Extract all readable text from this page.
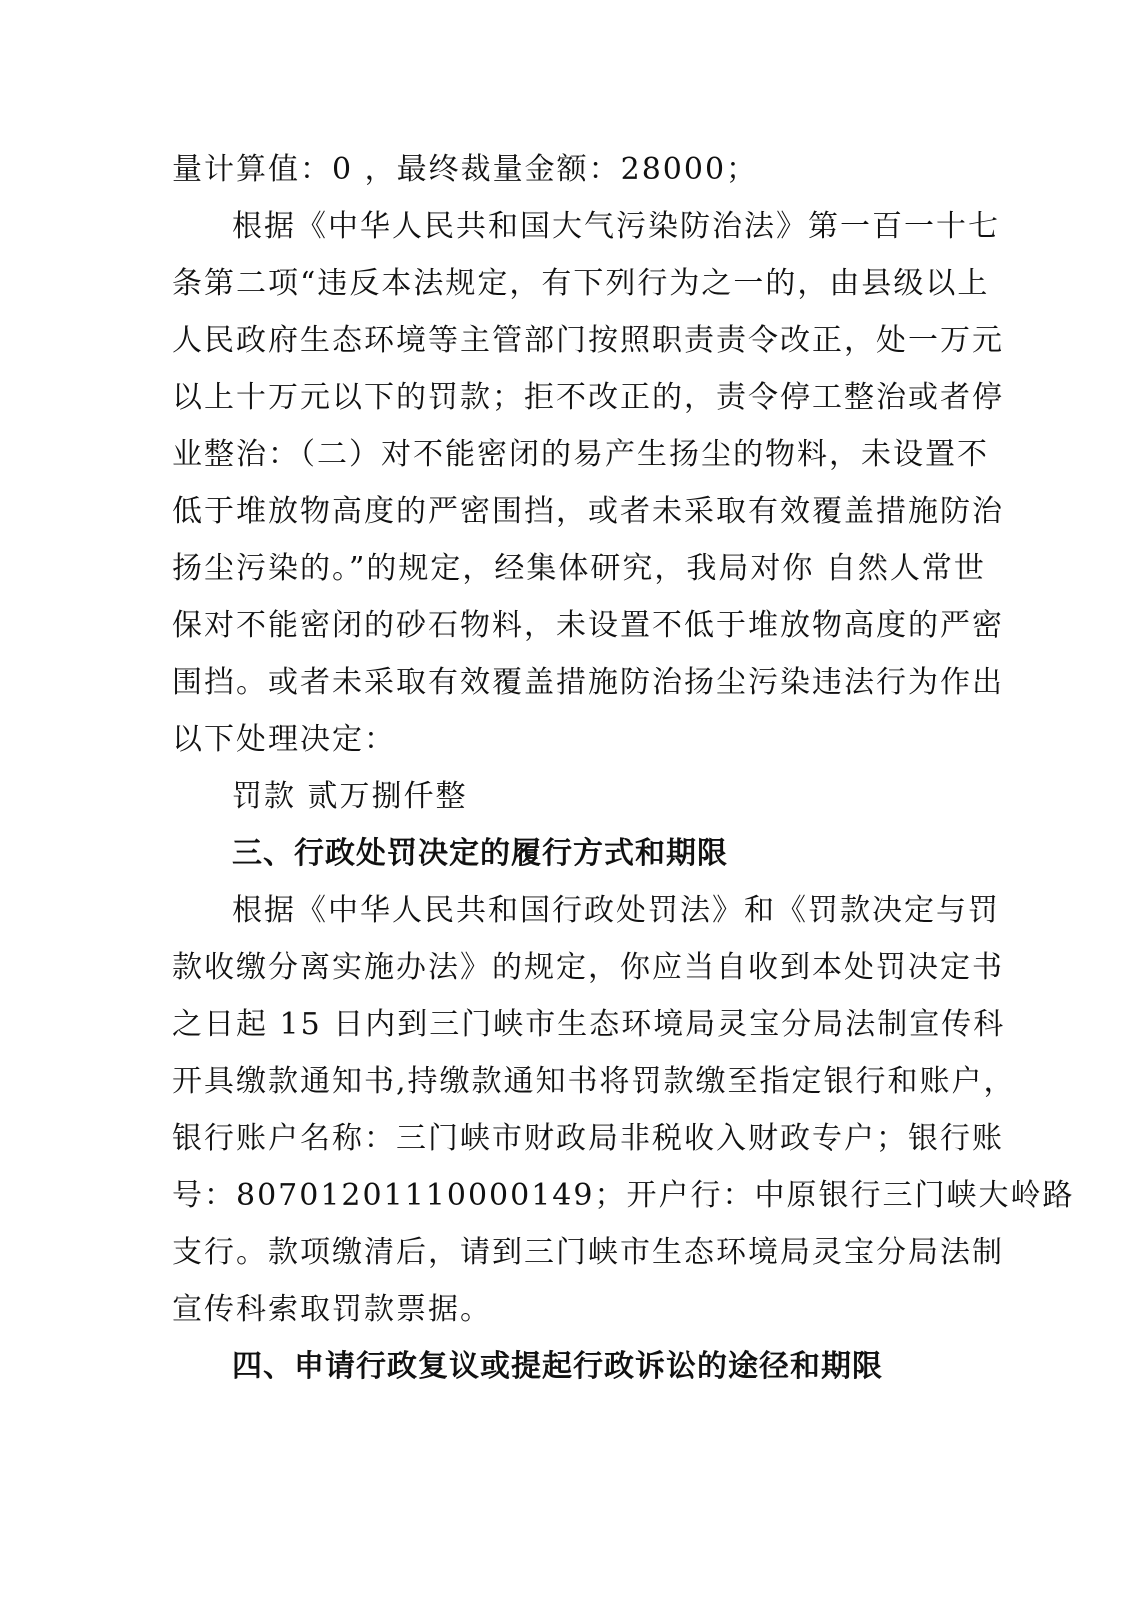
量计算值：0 ，最终裁量金额：28000；
根据《中华人民共和国大气污染防治法》第一百一十七
条第二项“违反本法规定，有下列行为之一的，由县级以上
人民政府生态环境等主管部门按照职责责令改正，处一万元
以上十万元以下的罚款；拒不改正的，责令停工整治或者停
业整治：（二）对不能密闭的易产生扬尘的物料，未设置不
低于堆放物高度的严密围挡，或者未采取有效覆盖措施防治
扬尘污染的。”的规定，经集体研究，我局对你 自然人常世
保对不能密闭的砂石物料，未设置不低于堆放物高度的严密
围挡。或者未采取有效覆盖措施防治扬尘污染违法行为作出
以下处理决定：
罚款 贰万捌仟整
三、行政处罚决定的履行方式和期限
根据《中华人民共和国行政处罚法》和《罚款决定与罚
款收缴分离实施办法》的规定，你应当自收到本处罚决定书
之日起 15 日内到三门峡市生态环境局灵宝分局法制宣传科
开具缴款通知书,持缴款通知书将罚款缴至指定银行和账户，
银行账户名称：三门峡市财政局非税收入财政专户；银行账
号：80701201110000149；开户行：中原银行三门峡大岭路
支行。款项缴清后，请到三门峡市生态环境局灵宝分局法制
宣传科索取罚款票据。
四、申请行政复议或提起行政诉讼的途径和期限
